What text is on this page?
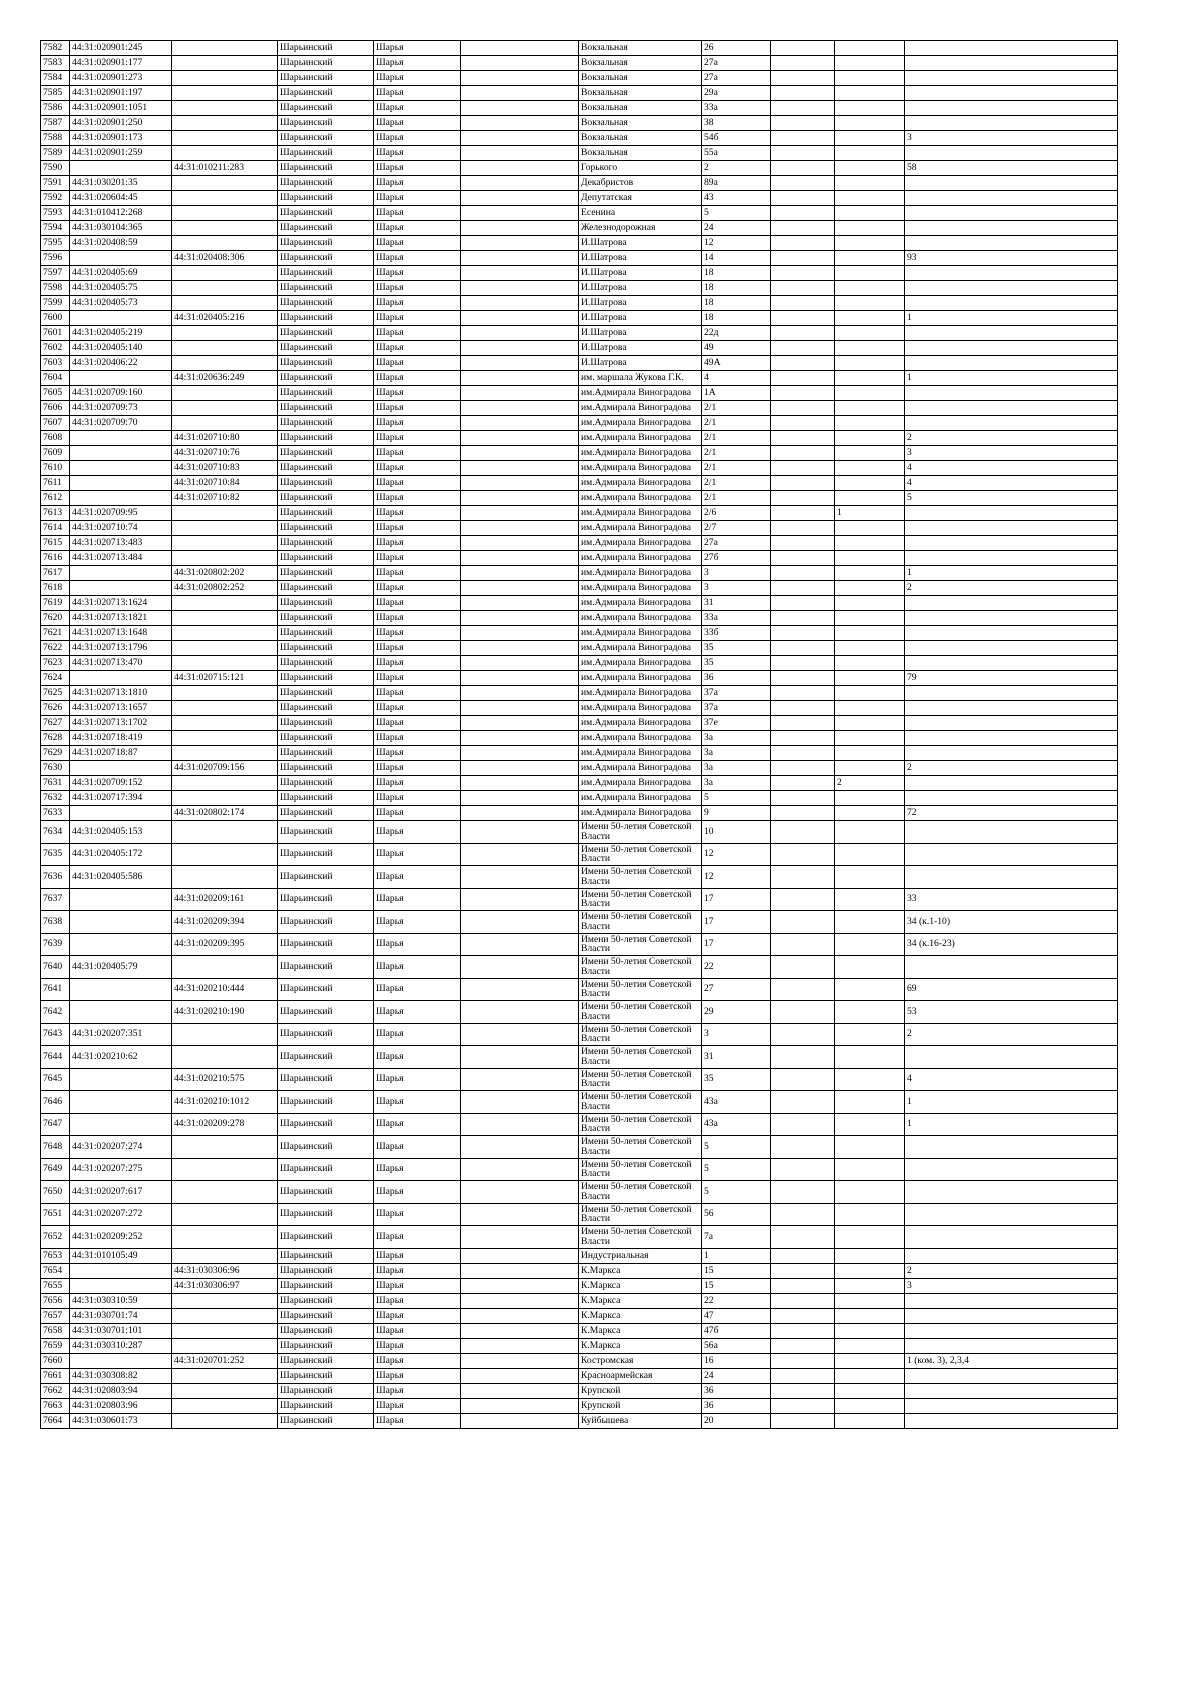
7582	44:31:020901:245		Шарьинский	Шарья		Вокзальная	26			
7583	44:31:020901:177		Шарьинский	Шарья		Вокзальная	27а			
7584	44:31:020901:273		Шарьинский	Шарья		Вокзальная	27а			
7585	44:31:020901:197		Шарьинский	Шарья		Вокзальная	29а			
7586	44:31:020901:1051		Шарьинский	Шарья		Вокзальная	33а			
7587	44:31:020901:250		Шарьинский	Шарья		Вокзальная	38			
7588	44:31:020901:173		Шарьинский	Шарья		Вокзальная	54б			3
7589	44:31:020901:259		Шарьинский	Шарья		Вокзальная	55а			
7590		44:31:010211:283	Шарьинский	Шарья		Горького	2			58
7591	44:31:030201:35		Шарьинский	Шарья		Декабристов	89а			
7592	44:31:020604:45		Шарьинский	Шарья		Депутатская	43			
7593	44:31:010412:268		Шарьинский	Шарья		Есенина	5			
7594	44:31:030104:365		Шарьинский	Шарья		Железнодорожная	24			
7595	44:31:020408:59		Шарьинский	Шарья		И.Шатрова	12			
7596		44:31:020408:306	Шарьинский	Шарья		И.Шатрова	14			93
7597	44:31:020405:69		Шарьинский	Шарья		И.Шатрова	18			
7598	44:31:020405:75		Шарьинский	Шарья		И.Шатрова	18			
7599	44:31:020405:73		Шарьинский	Шарья		И.Шатрова	18			
7600		44:31:020405:216	Шарьинский	Шарья		И.Шатрова	18			1
7601	44:31:020405:219		Шарьинский	Шарья		И.Шатрова	22д			
7602	44:31:020405:140		Шарьинский	Шарья		И.Шатрова	49			
7603	44:31:020406:22		Шарьинский	Шарья		И.Шатрова	49А			
7604		44:31:020636:249	Шарьинский	Шарья		им. маршала Жукова Г.К.	4			1
7605	44:31:020709:160		Шарьинский	Шарья		им.Адмирала Виноградова	1А			
7606	44:31:020709:73		Шарьинский	Шарья		им.Адмирала Виноградова	2/1			
7607	44:31:020709:70		Шарьинский	Шарья		им.Адмирала Виноградова	2/1			
7608		44:31:020710:80	Шарьинский	Шарья		им.Адмирала Виноградова	2/1			2
7609		44:31:020710:76	Шарьинский	Шарья		им.Адмирала Виноградова	2/1			3
7610		44:31:020710:83	Шарьинский	Шарья		им.Адмирала Виноградова	2/1			4
7611		44:31:020710:84	Шарьинский	Шарья		им.Адмирала Виноградова	2/1			4
7612		44:31:020710:82	Шарьинский	Шарья		им.Адмирала Виноградова	2/1			5
7613	44:31:020709:95		Шарьинский	Шарья		им.Адмирала Виноградова	2/6		1	
7614	44:31:020710:74		Шарьинский	Шарья		им.Адмирала Виноградова	2/7			
7615	44:31:020713:483		Шарьинский	Шарья		им.Адмирала Виноградова	27а			
7616	44:31:020713:484		Шарьинский	Шарья		им.Адмирала Виноградова	27б			
7617		44:31:020802:202	Шарьинский	Шарья		им.Адмирала Виноградова	3			1
7618		44:31:020802:252	Шарьинский	Шарья		им.Адмирала Виноградова	3			2
7619	44:31:020713:1624		Шарьинский	Шарья		им.Адмирала Виноградова	31			
7620	44:31:020713:1821		Шарьинский	Шарья		им.Адмирала Виноградова	33а			
7621	44:31:020713:1648		Шарьинский	Шарья		им.Адмирала Виноградова	33б			
7622	44:31:020713:1796		Шарьинский	Шарья		им.Адмирала Виноградова	35			
7623	44:31:020713:470		Шарьинский	Шарья		им.Адмирала Виноградова	35			
7624		44:31:020715:121	Шарьинский	Шарья		им.Адмирала Виноградова	36			79
7625	44:31:020713:1810		Шарьинский	Шарья		им.Адмирала Виноградова	37а			
7626	44:31:020713:1657		Шарьинский	Шарья		им.Адмирала Виноградова	37а			
7627	44:31:020713:1702		Шарьинский	Шарья		им.Адмирала Виноградова	37е			
7628	44:31:020718:419		Шарьинский	Шарья		им.Адмирала Виноградова	3а			
7629	44:31:020718:87		Шарьинский	Шарья		им.Адмирала Виноградова	3а			
7630		44:31:020709:156	Шарьинский	Шарья		им.Адмирала Виноградова	3а			2
7631	44:31:020709:152		Шарьинский	Шарья		им.Адмирала Виноградова	3а		2	
7632	44:31:020717:394		Шарьинский	Шарья		им.Адмирала Виноградова	5			
7633		44:31:020802:174	Шарьинский	Шарья		им.Адмирала Виноградова	9			72
7634	44:31:020405:153		Шарьинский	Шарья		Имени 50-летия Советской Власти	10			
7635	44:31:020405:172		Шарьинский	Шарья		Имени 50-летия Советской Власти	12			
7636	44:31:020405:586		Шарьинский	Шарья		Имени 50-летия Советской Власти	12			
7637		44:31:020209:161	Шарьинский	Шарья		Имени 50-летия Советской Власти	17			33
7638		44:31:020209:394	Шарьинский	Шарья		Имени 50-летия Советской Власти	17			34 (к.1-10)
7639		44:31:020209:395	Шарьинский	Шарья		Имени 50-летия Советской Власти	17			34 (к.16-23)
7640	44:31:020405:79		Шарьинский	Шарья		Имени 50-летия Советской Власти	22			
7641		44:31:020210:444	Шарьинский	Шарья		Имени 50-летия Советской Власти	27			69
7642		44:31:020210:190	Шарьинский	Шарья		Имени 50-летия Советской Власти	29			53
7643	44:31:020207:351		Шарьинский	Шарья		Имени 50-летия Советской Власти	3			2
7644	44:31:020210:62		Шарьинский	Шарья		Имени 50-летия Советской Власти	31			
7645		44:31:020210:575	Шарьинский	Шарья		Имени 50-летия Советской Власти	35			4
7646		44:31:020210:1012	Шарьинский	Шарья		Имени 50-летия Советской Власти	43а			1
7647		44:31:020209:278	Шарьинский	Шарья		Имени 50-летия Советской Власти	43а			1
7648	44:31:020207:274		Шарьинский	Шарья		Имени 50-летия Советской Власти	5			
7649	44:31:020207:275		Шарьинский	Шарья		Имени 50-летия Советской Власти	5			
7650	44:31:020207:617		Шарьинский	Шарья		Имени 50-летия Советской Власти	5			
7651	44:31:020207:272		Шарьинский	Шарья		Имени 50-летия Советской Власти	56			
7652	44:31:020209:252		Шарьинский	Шарья		Имени 50-летия Советской Власти	7а			
7653	44:31:010105:49		Шарьинский	Шарья		Индустриальная	1			
7654		44:31:030306:96	Шарьинский	Шарья		К.Маркса	15			2
7655		44:31:030306:97	Шарьинский	Шарья		К.Маркса	15			3
7656	44:31:030310:59		Шарьинский	Шарья		К.Маркса	22			
7657	44:31:030701:74		Шарьинский	Шарья		К.Маркса	47			
7658	44:31:030701:101		Шарьинский	Шарья		К.Маркса	47б			
7659	44:31:030310:287		Шарьинский	Шарья		К.Маркса	56а			
7660		44:31:020701:252	Шарьинский	Шарья		Костромская	16			1 (ком. 3), 2,3,4
7661	44:31:030308:82		Шарьинский	Шарья		Красноармейская	24			
7662	44:31:020803:94		Шарьинский	Шарья		Крупской	36			
7663	44:31:020803:96		Шарьинский	Шарья		Крупской	36			
7664	44:31:030601:73		Шарьинский	Шарья		Куйбышева	20			
